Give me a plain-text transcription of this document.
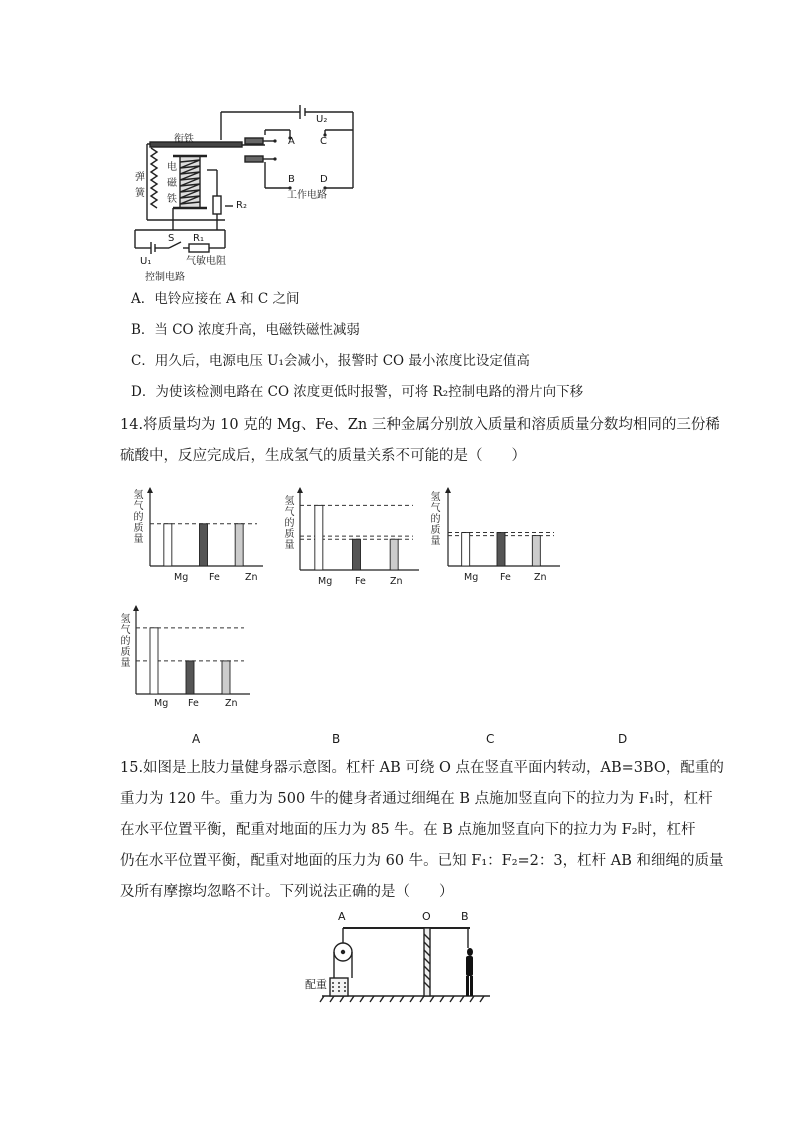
衔铁	A	C
B	D
U₂
工作电路
弹
簧
电
磁
铁
R₂
S R₁
U₁	气敏电阻
控制电路
A．电铃应接在 A 和 C 之间
B．当 CO 浓度升高，电磁铁磁性减弱
C．用久后，电源电压 U₁会减小，报警时 CO 最小浓度比设定值高
D．为使该检测电路在 CO 浓度更低时报警，可将 R₂控制电路的滑片向下移
14.将质量均为 10 克的 Mg、Fe、Zn 三种金属分别放入质量和溶质质量分数均相同的三份稀
硫酸中，反应完成后，生成氢气的质量关系不可能的是（　　）
氢气的质量
Mg Fe	Zn
氢气的质量
Mg Fe	Zn
氢气的质量
Mg Fe Zn
氢气的质量
Mg Fe	Zn
A	B	C	D
15.如图是上肢力量健身器示意图。杠杆 AB 可绕 O 点在竖直平面内转动，AB=3BO，配重的
重力为 120 牛。重力为 500 牛的健身者通过细绳在 B 点施加竖直向下的拉力为 F₁时，杠杆
在水平位置平衡，配重对地面的压力为 85 牛。在 B 点施加竖直向下的拉力为 F₂时，杠杆
仍在水平位置平衡，配重对地面的压力为 60 牛。已知 F₁：F₂=2：3，杠杆 AB 和细绳的质量
及所有摩擦均忽略不计。下列说法正确的是（　　）
A	O	B
配重
